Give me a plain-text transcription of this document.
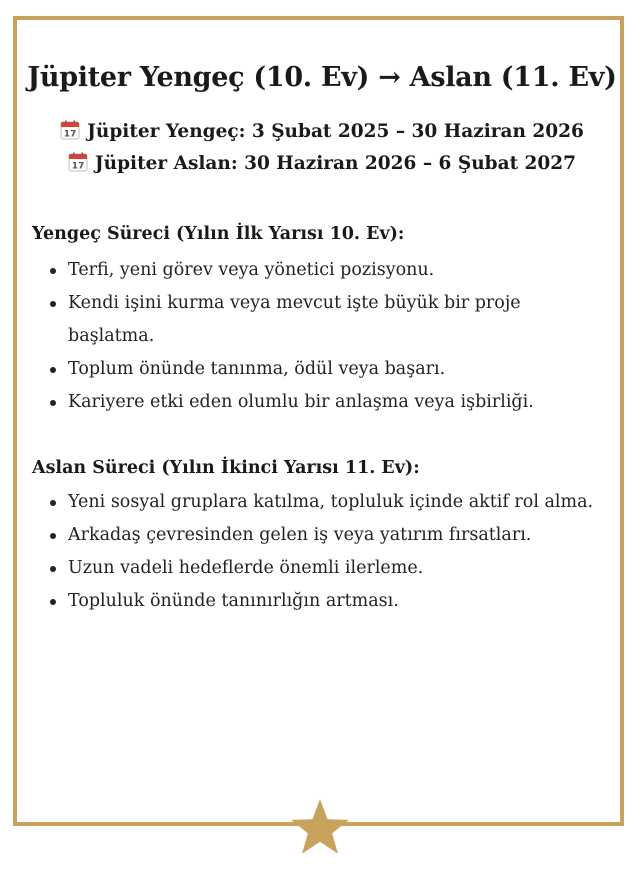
Jüpiter Yengeç (10. Ev) → Aslan (11. Ev)
17 Jüpiter Yengeç: 3 Şubat 2025 – 30 Haziran 2026
17 Jüpiter Aslan: 30 Haziran 2026 – 6 Şubat 2027
Yengeç Süreci (Yılın İlk Yarısı 10. Ev):
Terfi, yeni görev veya yönetici pozisyonu.
Kendi işini kurma veya mevcut işte büyük bir proje başlatma.
Toplum önünde tanınma, ödül veya başarı.
Kariyere etki eden olumlu bir anlaşma veya işbirliği.
Aslan Süreci (Yılın İkinci Yarısı 11. Ev):
Yeni sosyal gruplara katılma, topluluk içinde aktif rol alma.
Arkadaş çevresinden gelen iş veya yatırım fırsatları.
Uzun vadeli hedeflerde önemli ilerleme.
Topluluk önünde tanınırlığın artması.
